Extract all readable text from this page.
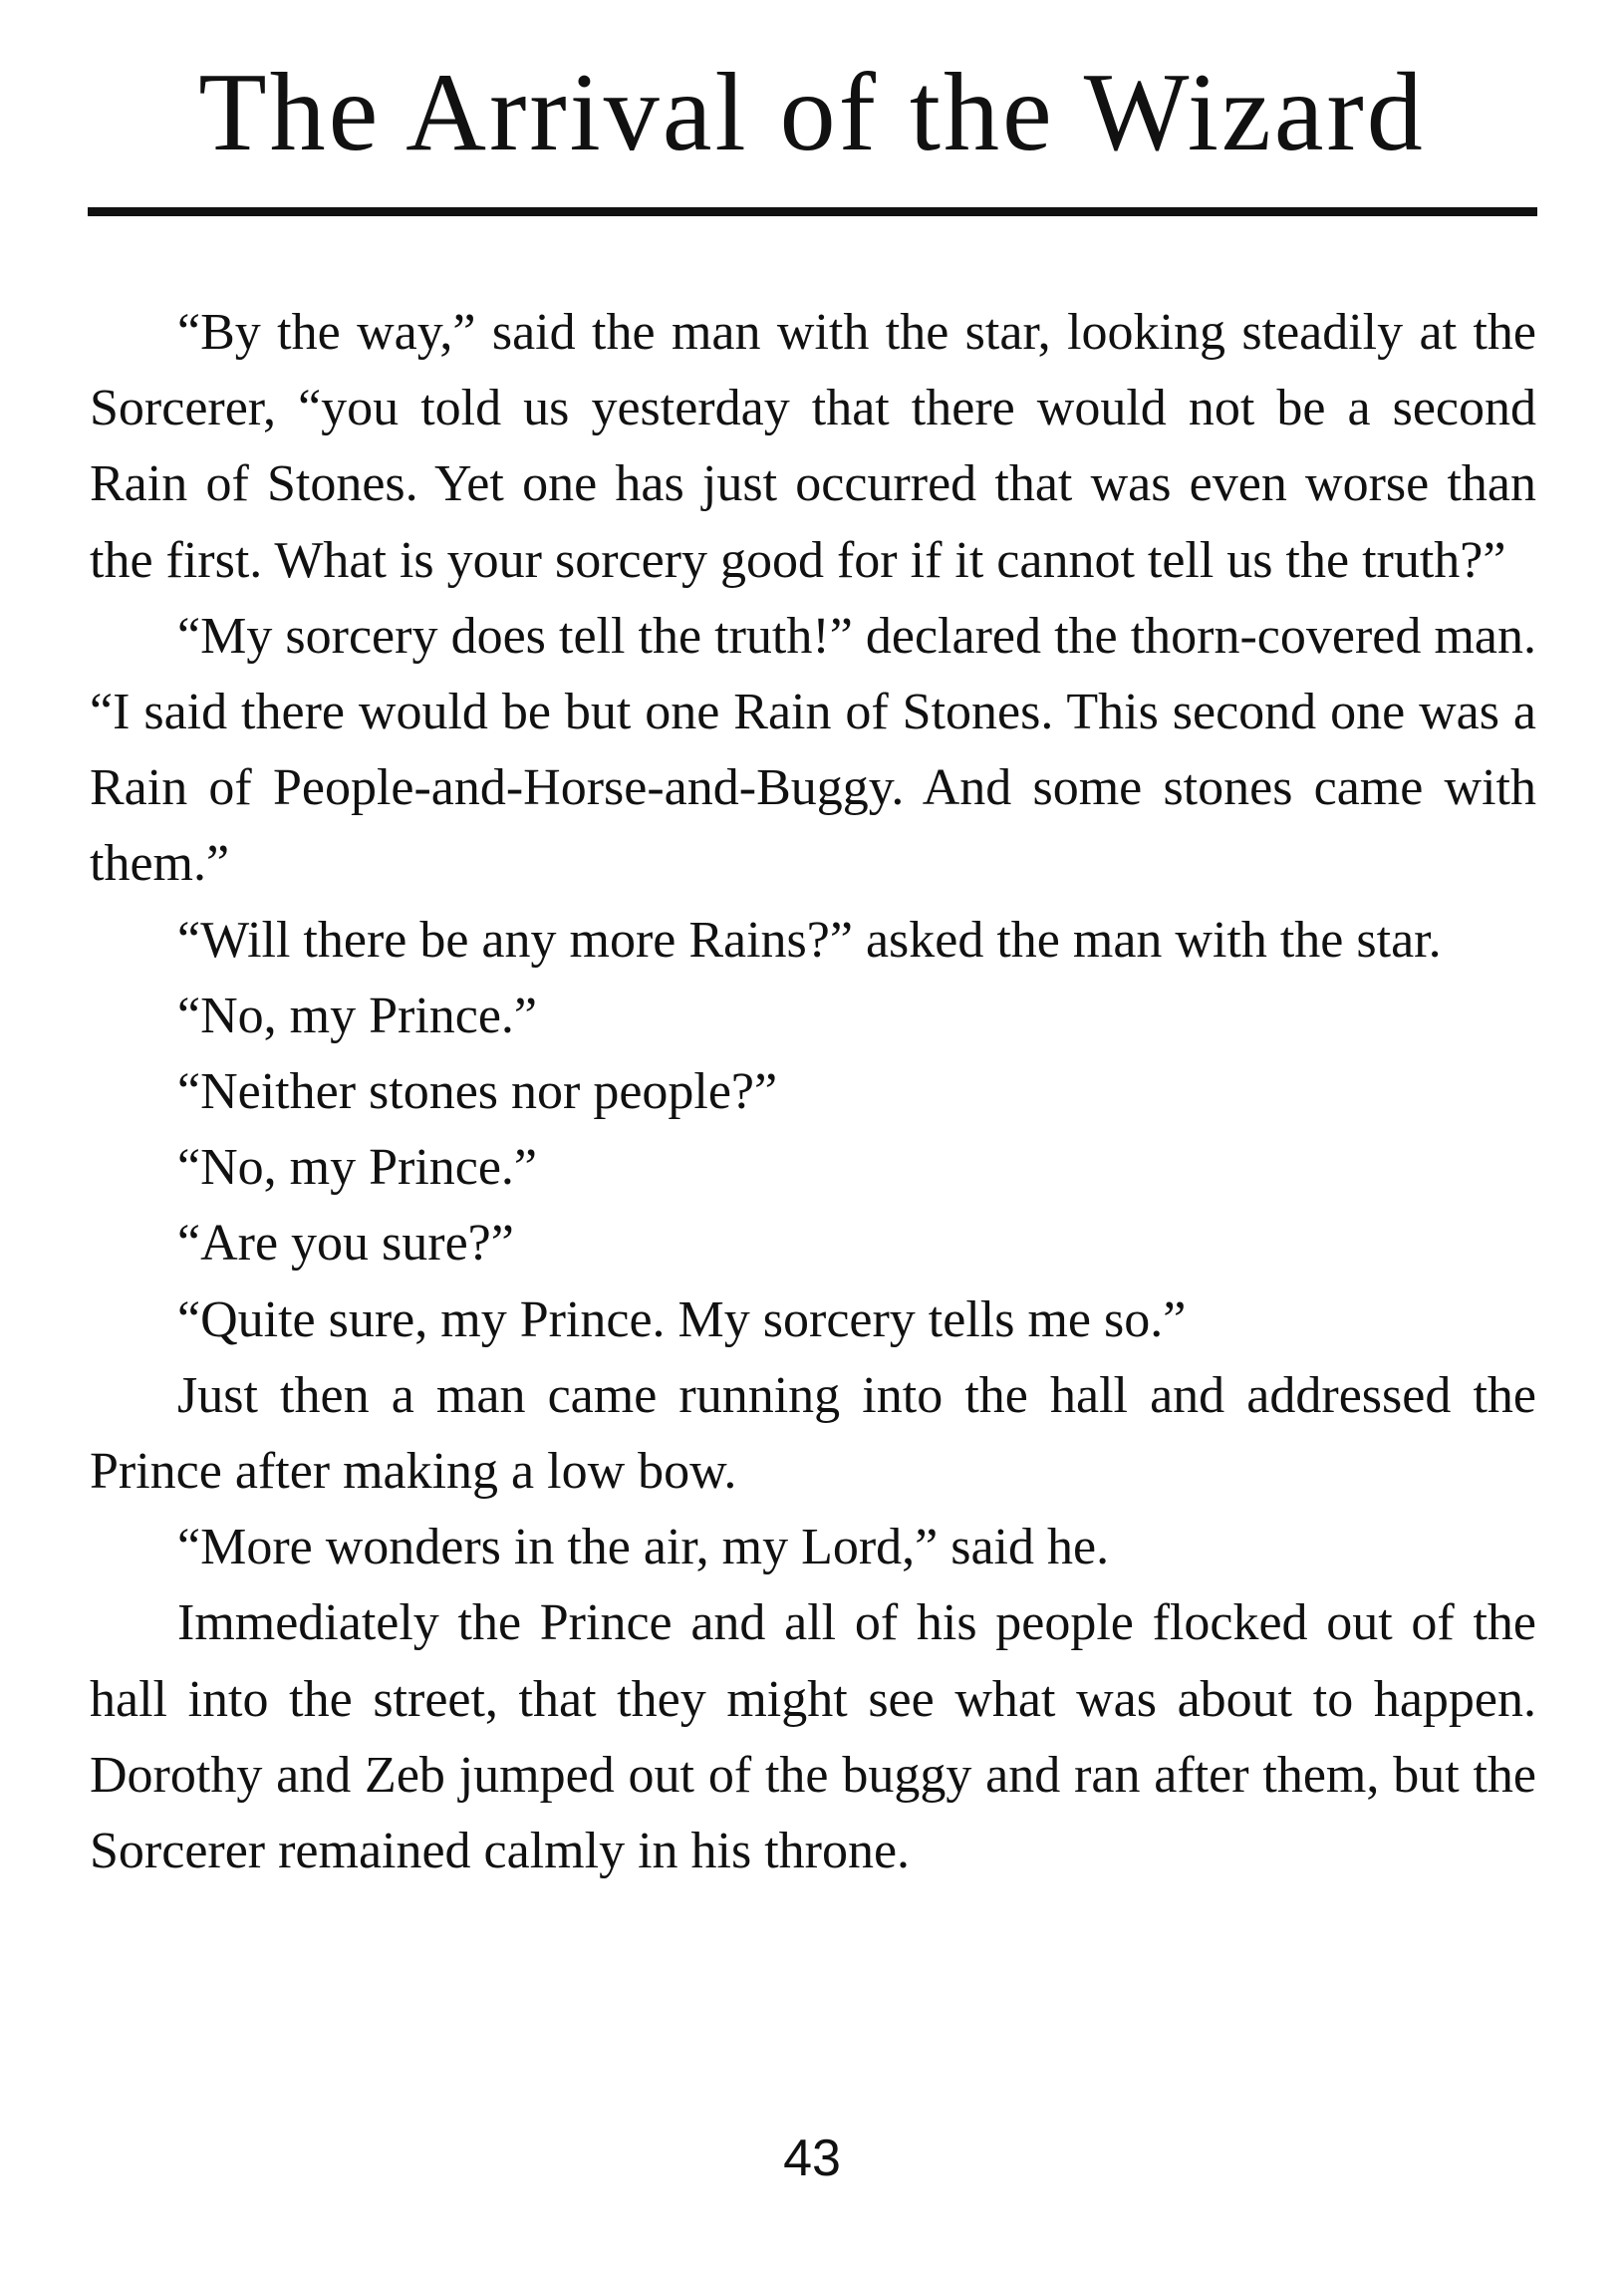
The Arrival of the Wizard

“By the way,” said the man with the star, looking steadily at the Sorcerer, “you told us yesterday that there would not be a second Rain of Stones. Yet one has just occurred that was even worse than the first. What is your sorcery good for if it cannot tell us the truth?”

“My sorcery does tell the truth!” declared the thorn-covered man. “I said there would be but one Rain of Stones. This second one was a Rain of People-and-Horse-and-Buggy. And some stones came with them.”

“Will there be any more Rains?” asked the man with the star.

“No, my Prince.”

“Neither stones nor people?”

“No, my Prince.”

“Are you sure?”

“Quite sure, my Prince. My sorcery tells me so.”

Just then a man came running into the hall and addressed the Prince after making a low bow.

“More wonders in the air, my Lord,” said he.

Immediately the Prince and all of his people flocked out of the hall into the street, that they might see what was about to happen. Dorothy and Zeb jumped out of the buggy and ran after them, but the Sorcerer remained calmly in his throne.

43
